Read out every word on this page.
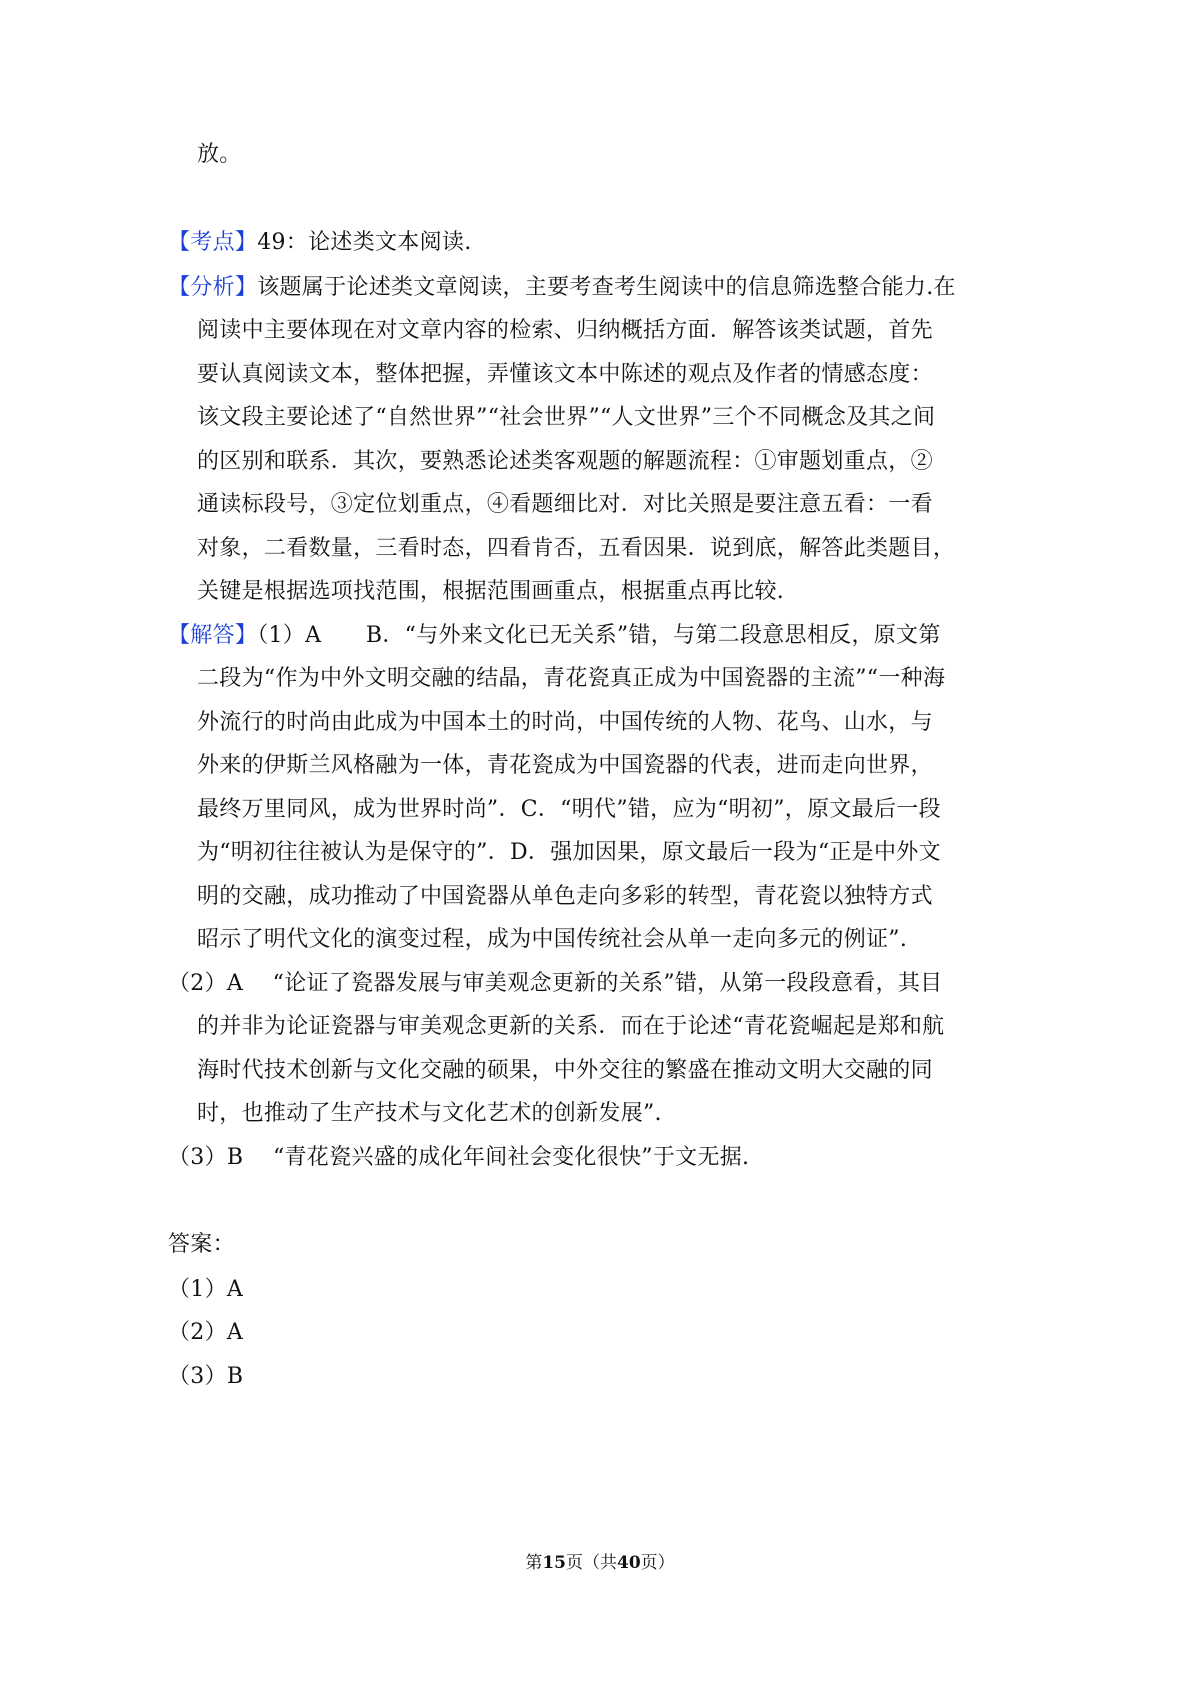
放。
【考点】49：论述类文本阅读.
【分析】该题属于论述类文章阅读，主要考查考生阅读中的信息筛选整合能力.在
阅读中主要体现在对文章内容的检索、归纳概括方面．解答该类试题，首先
要认真阅读文本，整体把握，弄懂该文本中陈述的观点及作者的情感态度：
该文段主要论述了“自然世界”“社会世界”“人文世界”三个不同概念及其之间
的区别和联系．其次，要熟悉论述类客观题的解题流程：①审题划重点，②
通读标段号，③定位划重点，④看题细比对．对比关照是要注意五看：一看
对象，二看数量，三看时态，四看肯否，五看因果．说到底，解答此类题目，
关键是根据选项找范围，根据范围画重点，根据重点再比较.
【解答】（1）A　　B．“与外来文化已无关系”错，与第二段意思相反，原文第
二段为“作为中外文明交融的结晶，青花瓷真正成为中国瓷器的主流”“一种海
外流行的时尚由此成为中国本土的时尚，中国传统的人物、花鸟、山水，与
外来的伊斯兰风格融为一体，青花瓷成为中国瓷器的代表，进而走向世界，
最终万里同风，成为世界时尚”．C．“明代”错，应为“明初”，原文最后一段
为“明初往往被认为是保守的”．D．强加因果，原文最后一段为“正是中外文
明的交融，成功推动了中国瓷器从单色走向多彩的转型，青花瓷以独特方式
昭示了明代文化的演变过程，成为中国传统社会从单一走向多元的例证”.
（2）A　 “论证了瓷器发展与审美观念更新的关系”错，从第一段段意看，其目
的并非为论证瓷器与审美观念更新的关系．而在于论述“青花瓷崛起是郑和航
海时代技术创新与文化交融的硕果，中外交往的繁盛在推动文明大交融的同
时，也推动了生产技术与文化艺术的创新发展”.
（3）B　 “青花瓷兴盛的成化年间社会变化很快”于文无据.
答案：
（1）A
（2）A
（3）B
第15页（共40页）
